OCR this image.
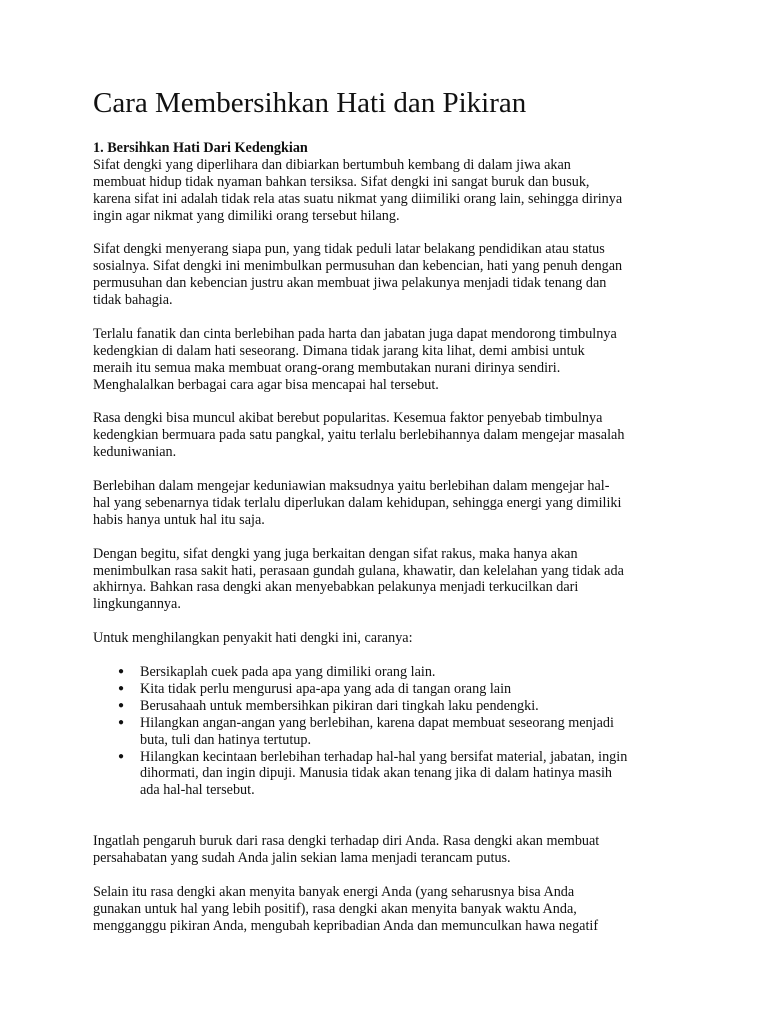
Cara Membersihkan Hati dan Pikiran
1. Bersihkan Hati Dari Kedengkian

Sifat dengki yang diperlihara dan dibiarkan bertumbuh kembang di dalam jiwa akan
membuat hidup tidak nyaman bahkan tersiksa. Sifat dengki ini sangat buruk dan busuk,
karena sifat ini adalah tidak rela atas suatu nikmat yang diimiliki orang lain, sehingga dirinya
ingin agar nikmat yang dimiliki orang tersebut hilang.

Sifat dengki menyerang siapa pun, yang tidak peduli latar belakang pendidikan atau status
sosialnya. Sifat dengki ini menimbulkan permusuhan dan kebencian, hati yang penuh dengan
permusuhan dan kebencian justru akan membuat jiwa pelakunya menjadi tidak tenang dan
tidak bahagia.

Terlalu fanatik dan cinta berlebihan pada harta dan jabatan juga dapat mendorong timbulnya
kedengkian di dalam hati seseorang. Dimana tidak jarang kita lihat, demi ambisi untuk
meraih itu semua maka membuat orang-orang membutakan nurani dirinya sendiri.
Menghalalkan berbagai cara agar bisa mencapai hal tersebut.

Rasa dengki bisa muncul akibat berebut popularitas. Kesemua faktor penyebab timbulnya
kedengkian bermuara pada satu pangkal, yaitu terlalu berlebihannya dalam mengejar masalah
keduniwanian.

Berlebihan dalam mengejar keduniawian maksudnya yaitu berlebihan dalam mengejar hal-
hal yang sebenarnya tidak terlalu diperlukan dalam kehidupan, sehingga energi yang dimiliki
habis hanya untuk hal itu saja.

Dengan begitu, sifat dengki yang juga berkaitan dengan sifat rakus, maka hanya akan
menimbulkan rasa sakit hati, perasaan gundah gulana, khawatir, dan kelelahan yang tidak ada
akhirnya. Bahkan rasa dengki akan menyebabkan pelakunya menjadi terkucilkan dari
lingkungannya.

Untuk menghilangkan penyakit hati dengki ini, caranya:

● Bersikaplah cuek pada apa yang dimiliki orang lain.
● Kita tidak perlu mengurusi apa-apa yang ada di tangan orang lain
● Berusahaah untuk membersihkan pikiran dari tingkah laku pendengki.
● Hilangkan angan-angan yang berlebihan, karena dapat membuat seseorang menjadi
buta, tuli dan hatinya tertutup.
● Hilangkan kecintaan berlebihan terhadap hal-hal yang bersifat material, jabatan, ingin
dihormati, dan ingin dipuji. Manusia tidak akan tenang jika di dalam hatinya masih
ada hal-hal tersebut.

Ingatlah pengaruh buruk dari rasa dengki terhadap diri Anda. Rasa dengki akan membuat
persahabatan yang sudah Anda jalin sekian lama menjadi terancam putus.

Selain itu rasa dengki akan menyita banyak energi Anda (yang seharusnya bisa Anda
gunakan untuk hal yang lebih positif), rasa dengki akan menyita banyak waktu Anda,
mengganggu pikiran Anda, mengubah kepribadian Anda dan memunculkan hawa negatif
